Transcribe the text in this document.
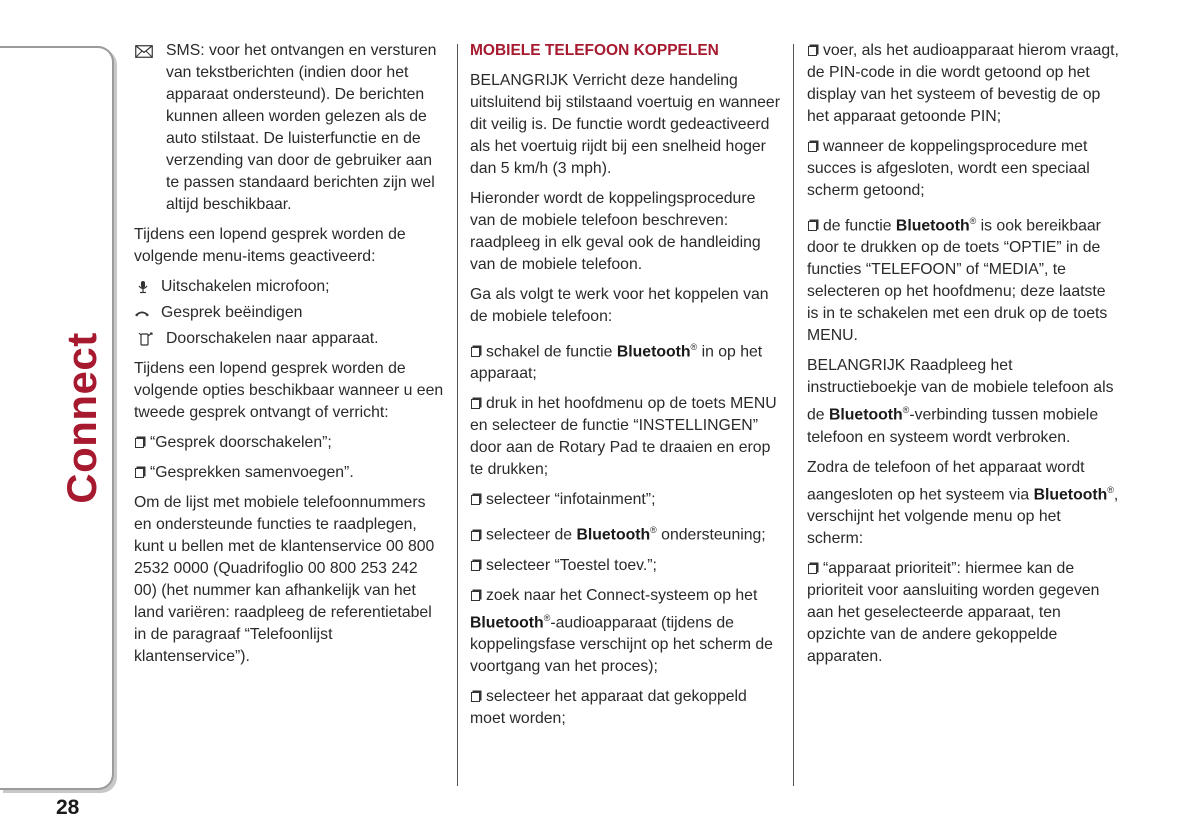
Connect
28
SMS: voor het ontvangen en versturen van tekstberichten (indien door het apparaat ondersteund). De berichten kunnen alleen worden gelezen als de auto stilstaat. De luisterfunctie en de verzending van door de gebruiker aan te passen standaard berichten zijn wel altijd beschikbaar.

Tijdens een lopend gesprek worden de volgende menu-items geactiveerd:

Uitschakelen microfoon;
Gesprek beëindigen
Doorschakelen naar apparaat.

Tijdens een lopend gesprek worden de volgende opties beschikbaar wanneer u een tweede gesprek ontvangt of verricht:

“Gesprek doorschakelen”;

“Gesprekken samenvoegen”.

Om de lijst met mobiele telefoonnummers en ondersteunde functies te raadplegen, kunt u bellen met de klantenservice 00 800 2532 0000 (Quadrifoglio 00 800 253 242 00) (het nummer kan afhankelijk van het land variëren: raadpleeg de referentietabel in de paragraaf “Telefoonlijst klantenservice”).

MOBIELE TELEFOON KOPPELEN

BELANGRIJK Verricht deze handeling uitsluitend bij stilstaand voertuig en wanneer dit veilig is. De functie wordt gedeactiveerd als het voertuig rijdt bij een snelheid hoger dan 5 km/h (3 mph).

Hieronder wordt de koppelingsprocedure van de mobiele telefoon beschreven: raadpleeg in elk geval ook de handleiding van de mobiele telefoon.

Ga als volgt te werk voor het koppelen van de mobiele telefoon:

schakel de functie Bluetooth® in op het apparaat;

druk in het hoofdmenu op de toets MENU en selecteer de functie “INSTELLINGEN” door aan de Rotary Pad te draaien en erop te drukken;

selecteer “infotainment”;

selecteer de Bluetooth® ondersteuning;

selecteer “Toestel toev.”;

zoek naar het Connect-systeem op het Bluetooth®-audioapparaat (tijdens de koppelingsfase verschijnt op het scherm de voortgang van het proces);

selecteer het apparaat dat gekoppeld moet worden;

voer, als het audioapparaat hierom vraagt, de PIN-code in die wordt getoond op het display van het systeem of bevestig de op het apparaat getoonde PIN;

wanneer de koppelingsprocedure met succes is afgesloten, wordt een speciaal scherm getoond;

de functie Bluetooth® is ook bereikbaar door te drukken op de toets “OPTIE” in de functies “TELEFOON” of “MEDIA”, te selecteren op het hoofdmenu; deze laatste is in te schakelen met een druk op de toets MENU.

BELANGRIJK Raadpleeg het instructieboekje van de mobiele telefoon als de Bluetooth®-verbinding tussen mobiele telefoon en systeem wordt verbroken.

Zodra de telefoon of het apparaat wordt aangesloten op het systeem via Bluetooth®, verschijnt het volgende menu op het scherm:

“apparaat prioriteit”: hiermee kan de prioriteit voor aansluiting worden gegeven aan het geselecteerde apparaat, ten opzichte van de andere gekoppelde apparaten.
